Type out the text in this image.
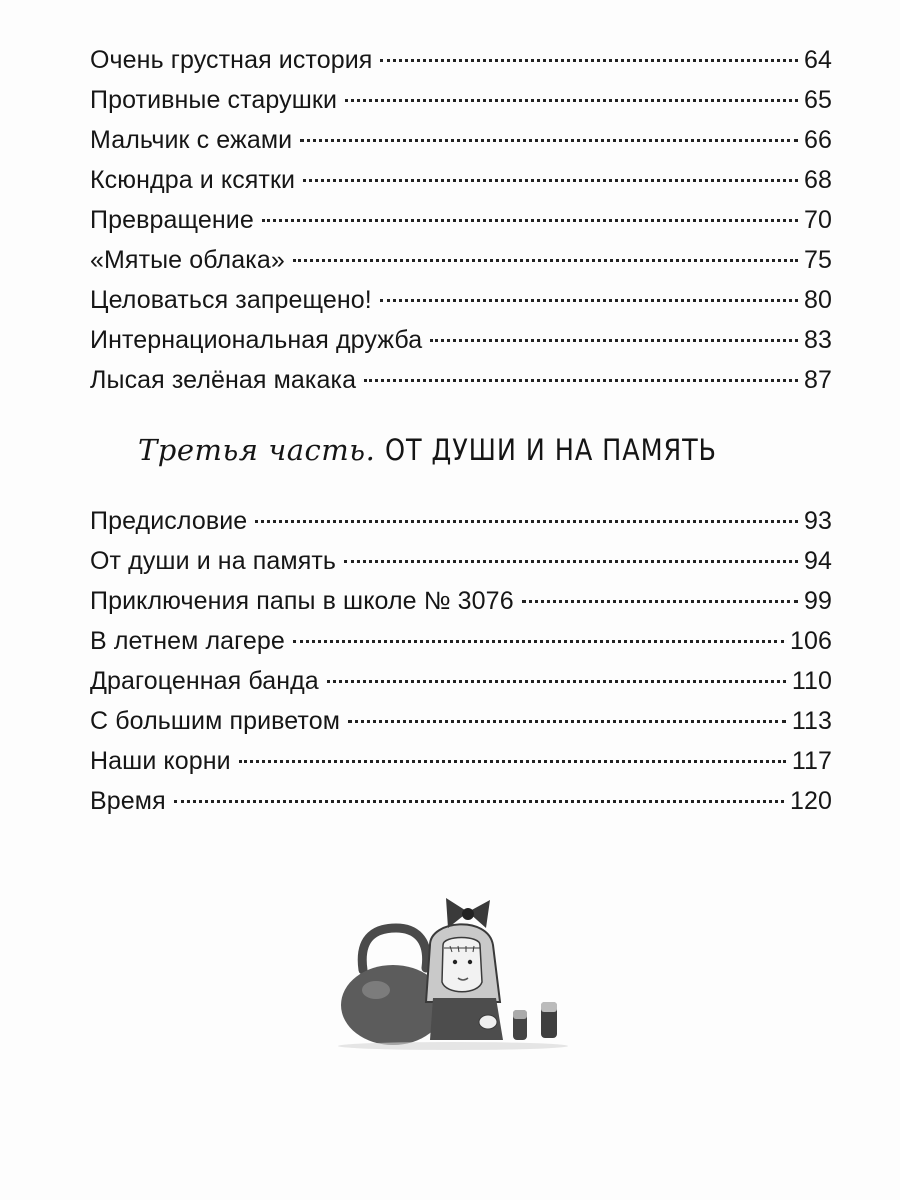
Очень грустная история	64
Противные старушки	65
Мальчик с ежами	66
Ксюндра и ксятки	68
Превращение	70
«Мятые облака»	75
Целоваться запрещено!	80
Интернациональная дружба	83
Лысая зелёная макака	87
Третья часть. ОТ ДУШИ И НА ПАМЯТЬ
Предисловие	93
От души и на память	94
Приключения папы в школе № 3076	99
В летнем лагере	106
Драгоценная банда	110
С большим приветом	113
Наши корни	117
Время	120
